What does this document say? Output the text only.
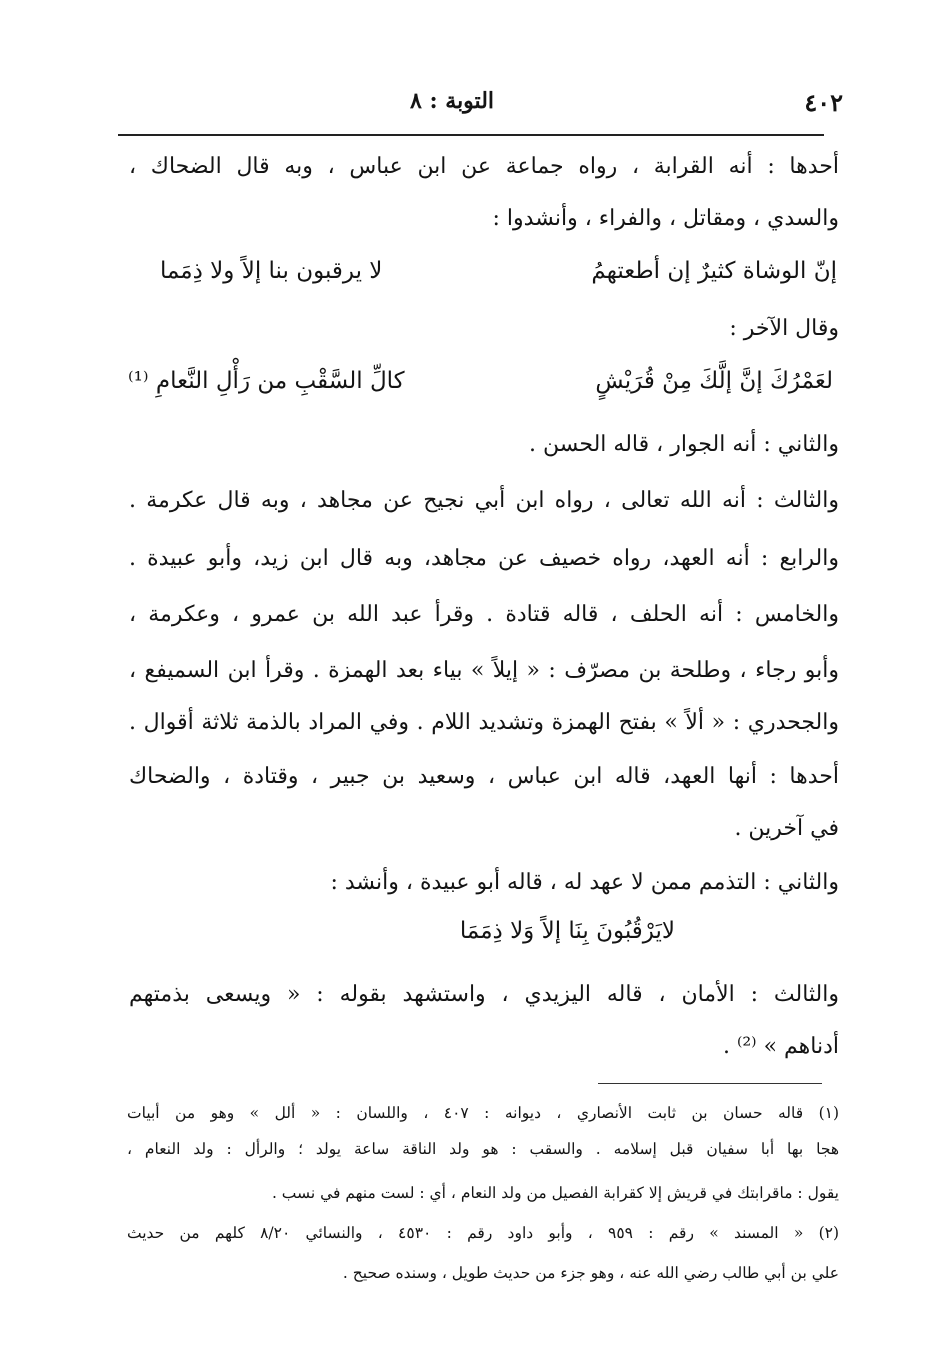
٤٠٢
التوبة : ٨
أحدها : أنه القرابة ، رواه جماعة عن ابن عباس ، وبه قال الضحاك ،
والسدي ، ومقاتل ، والفراء ، وأنشدوا :
إنّ الوشاة كثيرٌ إن أطعتهمُ
لا يرقبون بنا إلاً ولا ذِمَما
وقال الآخر :
لعَمْرُكَ إنَّ إلَّكَ مِنْ قُرَيْشٍ
كالِّ السَّقْبِ من رَأْلِ النَّعامِ ⁽¹⁾
والثاني : أنه الجوار ، قاله الحسن .
والثالث : أنه الله تعالى ، رواه ابن أبي نجيح عن مجاهد ، وبه قال عكرمة .
والرابع : أنه العهد، رواه خصيف عن مجاهد، وبه قال ابن زيد، وأبو عبيدة .
والخامس : أنه الحلف ، قاله قتادة . وقرأ عبد الله بن عمرو ، وعكرمة ،
وأبو رجاء ، وطلحة بن مصرّف : « إيلاً » بياء بعد الهمزة . وقرأ ابن السميفع ،
والجحدري : « ألاً » بفتح الهمزة وتشديد اللام . وفي المراد بالذمة ثلاثة أقوال .
أحدها : أنها العهد، قاله ابن عباس ، وسعيد بن جبير ، وقتادة ، والضحاك
في آخرين .
والثاني : التذمم ممن لا عهد له ، قاله أبو عبيدة ، وأنشد :
لايَرْقُبُونَ بِنَا إلاً وَلا ذِمَمَا
والثالث : الأمان ، قاله اليزيدي ، واستشهد بقوله : « ويسعى بذمتهم
أدناهم » ⁽²⁾ .
(١) قاله حسان بن ثابت الأنصاري ، ديوانه : ٤٠٧ ، واللسان : « ألل » وهو من أبيات
هجا بها أبا سفيان قبل إسلامه . والسقب : هو ولد الناقة ساعة يولد ؛ والرأل : ولد النعام ،
يقول : ماقرابتك في قريش إلا كقرابة الفصيل من ولد النعام ، أي : لست منهم في نسب .
(٢) « المسند » رقم : ٩٥٩ ، وأبو داود رقم : ٤٥٣٠ ، والنسائي ٨/٢٠ كلهم من حديث
علي بن أبي طالب رضي الله عنه ، وهو جزء من حديث طويل ، وسنده صحيح .
